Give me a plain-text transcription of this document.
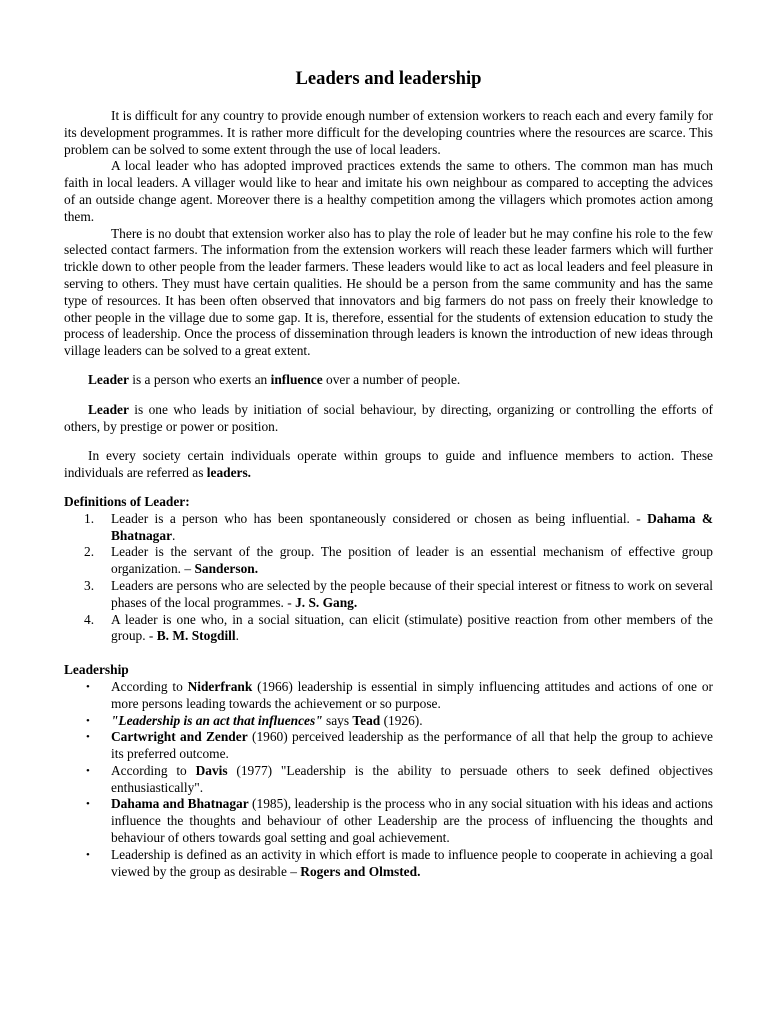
Leaders and leadership

It is difficult for any country to provide enough number of extension workers to reach each and every family for its development programmes. It is rather more difficult for the developing countries where the resources are scarce. This problem can be solved to some extent through the use of local leaders.

A local leader who has adopted improved practices extends the same to others. The common man has much faith in local leaders. A villager would like to hear and imitate his own neighbour as compared to accepting the advices of an outside change agent. Moreover there is a healthy competition among the villagers which promotes action among them.

There is no doubt that extension worker also has to play the role of leader but he may confine his role to the few selected contact farmers. The information from the extension workers will reach these leader farmers which will further trickle down to other people from the leader farmers. These leaders would like to act as local leaders and feel pleasure in serving to others. They must have certain qualities. He should be a person from the same community and has the same type of resources. It has been often observed that innovators and big farmers do not pass on freely their knowledge to other people in the village due to some gap. It is, therefore, essential for the students of extension education to study the process of leadership. Once the process of dissemination through leaders is known the introduction of new ideas through village leaders can be solved to a great extent.

Leader is a person who exerts an influence over a number of people.

Leader is one who leads by initiation of social behaviour, by directing, organizing or controlling the efforts of others, by prestige or power or position.

In every society certain individuals operate within groups to guide and influence members to action. These individuals are referred as leaders.

Definitions of Leader:
1. Leader is a person who has been spontaneously considered or chosen as being influential. - Dahama & Bhatnagar.
2. Leader is the servant of the group. The position of leader is an essential mechanism of effective group organization. – Sanderson.
3. Leaders are persons who are selected by the people because of their special interest or fitness to work on several phases of the local programmes. - J. S. Gang.
4. A leader is one who, in a social situation, can elicit (stimulate) positive reaction from other members of the group. - B. M. Stogdill.
Leadership
• According to Niderfrank (1966) leadership is essential in simply influencing attitudes and actions of one or more persons leading towards the achievement or so purpose.
• "Leadership is an act that influences" says Tead (1926).
• Cartwright and Zender (1960) perceived leadership as the performance of all that help the group to achieve its preferred outcome.
• According to Davis (1977) "Leadership is the ability to persuade others to seek defined objectives enthusiastically".
• Dahama and Bhatnagar (1985), leadership is the process who in any social situation with his ideas and actions influence the thoughts and behaviour of other Leadership are the process of influencing the thoughts and behaviour of others towards goal setting and goal achievement.
• Leadership is defined as an activity in which effort is made to influence people to cooperate in achieving a goal viewed by the group as desirable – Rogers and Olmsted.
